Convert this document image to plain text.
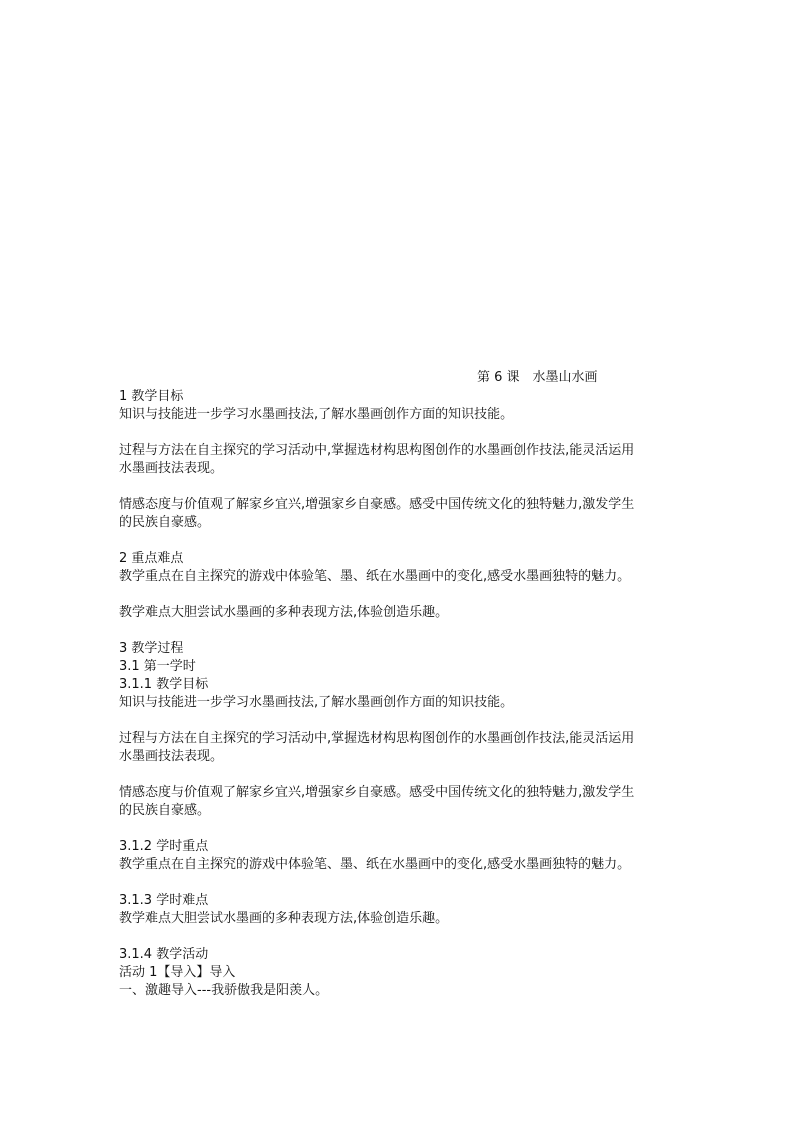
第 6 课　水墨山水画
1 教学目标
知识与技能进一步学习水墨画技法,了解水墨画创作方面的知识技能。
过程与方法在自主探究的学习活动中,掌握选材构思构图创作的水墨画创作技法,能灵活运用
水墨画技法表现。
情感态度与价值观了解家乡宜兴,增强家乡自豪感。感受中国传统文化的独特魅力,激发学生
的民族自豪感。
2 重点难点
教学重点在自主探究的游戏中体验笔、墨、纸在水墨画中的变化,感受水墨画独特的魅力。
教学难点大胆尝试水墨画的多种表现方法,体验创造乐趣。
3 教学过程
3.1 第一学时
3.1.1 教学目标
知识与技能进一步学习水墨画技法,了解水墨画创作方面的知识技能。
过程与方法在自主探究的学习活动中,掌握选材构思构图创作的水墨画创作技法,能灵活运用
水墨画技法表现。
情感态度与价值观了解家乡宜兴,增强家乡自豪感。感受中国传统文化的独特魅力,激发学生
的民族自豪感。
3.1.2 学时重点
教学重点在自主探究的游戏中体验笔、墨、纸在水墨画中的变化,感受水墨画独特的魅力。
3.1.3 学时难点
教学难点大胆尝试水墨画的多种表现方法,体验创造乐趣。
3.1.4 教学活动
活动 1【导入】导入
一、激趣导入---我骄傲我是阳羡人。
